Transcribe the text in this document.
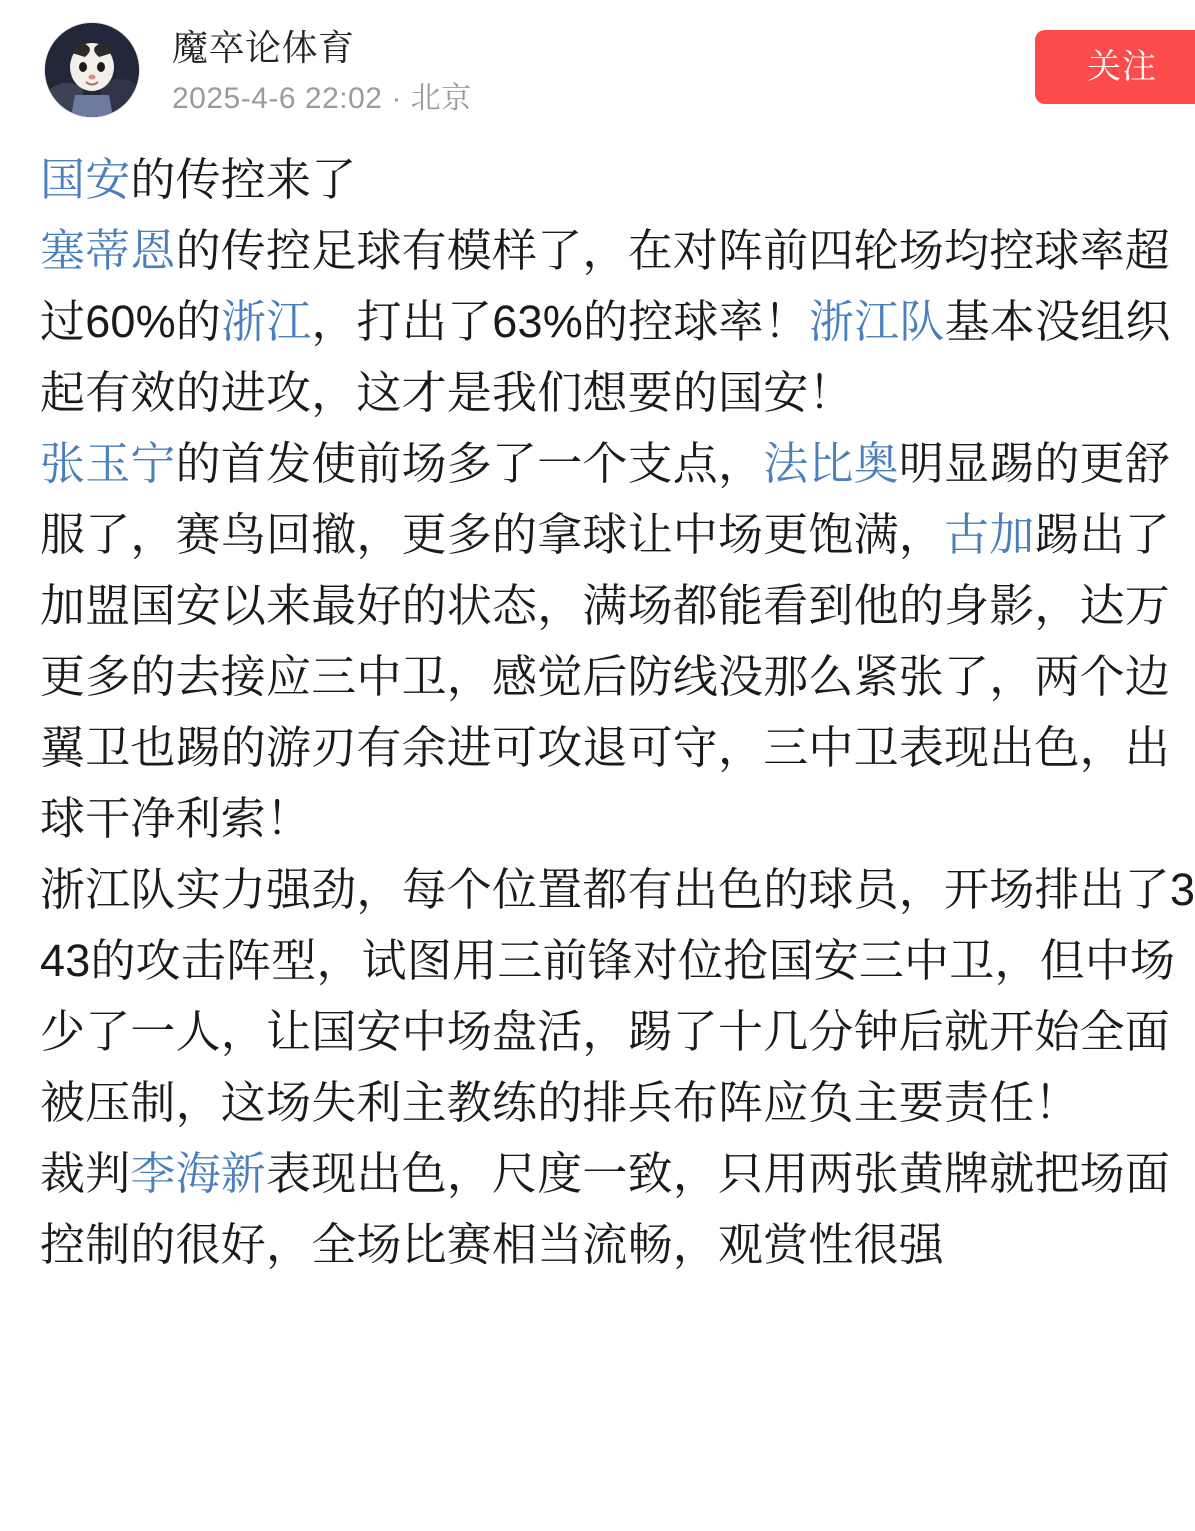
魔卒论体育
2025-4-6 22:02 · 北京
关注

国安的传控来了

塞蒂恩的传控足球有模样了，在对阵前四轮场均控球率超过60%的浙江，打出了63%的控球率！浙江队基本没组织起有效的进攻，这才是我们想要的国安！

张玉宁的首发使前场多了一个支点，法比奥明显踢的更舒服了，赛鸟回撤，更多的拿球让中场更饱满，古加踢出了加盟国安以来最好的状态，满场都能看到他的身影，达万更多的去接应三中卫，感觉后防线没那么紧张了，两个边翼卫也踢的游刃有余进可攻退可守，三中卫表现出色，出球干净利索！

浙江队实力强劲，每个位置都有出色的球员，开场排出了343的攻击阵型，试图用三前锋对位抢国安三中卫，但中场少了一人，让国安中场盘活，踢了十几分钟后就开始全面被压制，这场失利主教练的排兵布阵应负主要责任！

裁判李海新表现出色，尺度一致，只用两张黄牌就把场面控制的很好，全场比赛相当流畅，观赏性很强
